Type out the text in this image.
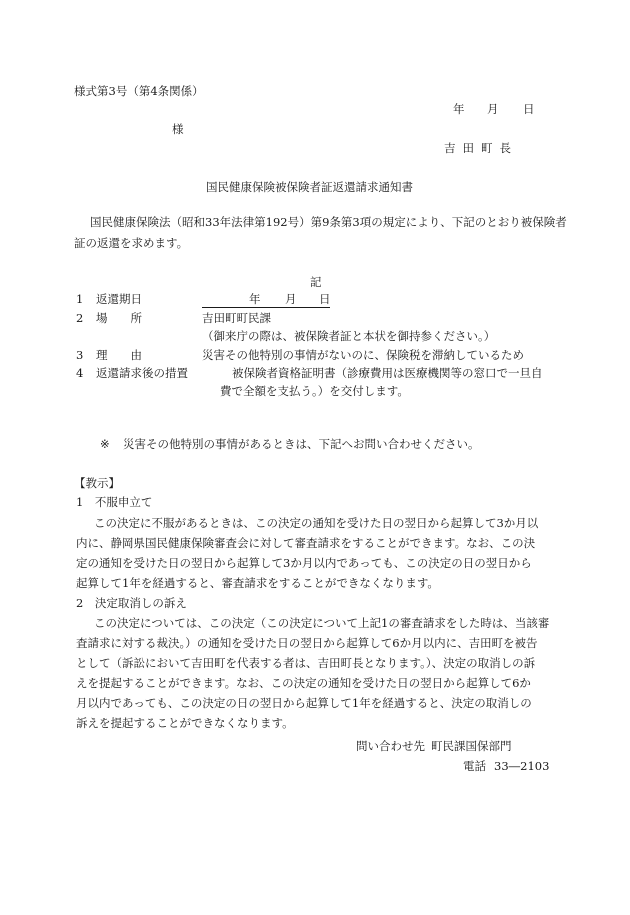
様式第3号（第4条関係）
年 月 日
様
吉田町長
国民健康保険被保険者証返還請求通知書
国民健康保険法（昭和33年法律第192号）第9条第3項の規定により、下記のとおり被保険者
証の返還を求めます。
記
1 返還期日	年 月 日
2 場　　所	吉田町町民課
（御来庁の際は、被保険者証と本状を御持参ください。）
3 理　　由	災害その他特別の事情がないのに、保険税を滞納しているため
4 返還請求後の措置	被保険者資格証明書（診療費用は医療機関等の窓口で一旦自
費で全額を支払う。）を交付します。
※ 災害その他特別の事情があるときは、下記へお問い合わせください。
【教示】
1　不服申立て
この決定に不服があるときは、この決定の通知を受けた日の翌日から起算して3か月以
内に、静岡県国民健康保険審査会に対して審査請求をすることができます。なお、この決
定の通知を受けた日の翌日から起算して3か月以内であっても、この決定の日の翌日から
起算して1年を経過すると、審査請求をすることができなくなります。
2　決定取消しの訴え
この決定については、この決定（この決定について上記1の審査請求をした時は、当該審
査請求に対する裁決。）の通知を受けた日の翌日から起算して6か月以内に、吉田町を被告
として（訴訟において吉田町を代表する者は、吉田町長となります。）、決定の取消しの訴
えを提起することができます。なお、この決定の通知を受けた日の翌日から起算して6か
月以内であっても、この決定の日の翌日から起算して1年を経過すると、決定の取消しの
訴えを提起することができなくなります。
問い合わせ先 町民課国保部門
電話 33―2103
